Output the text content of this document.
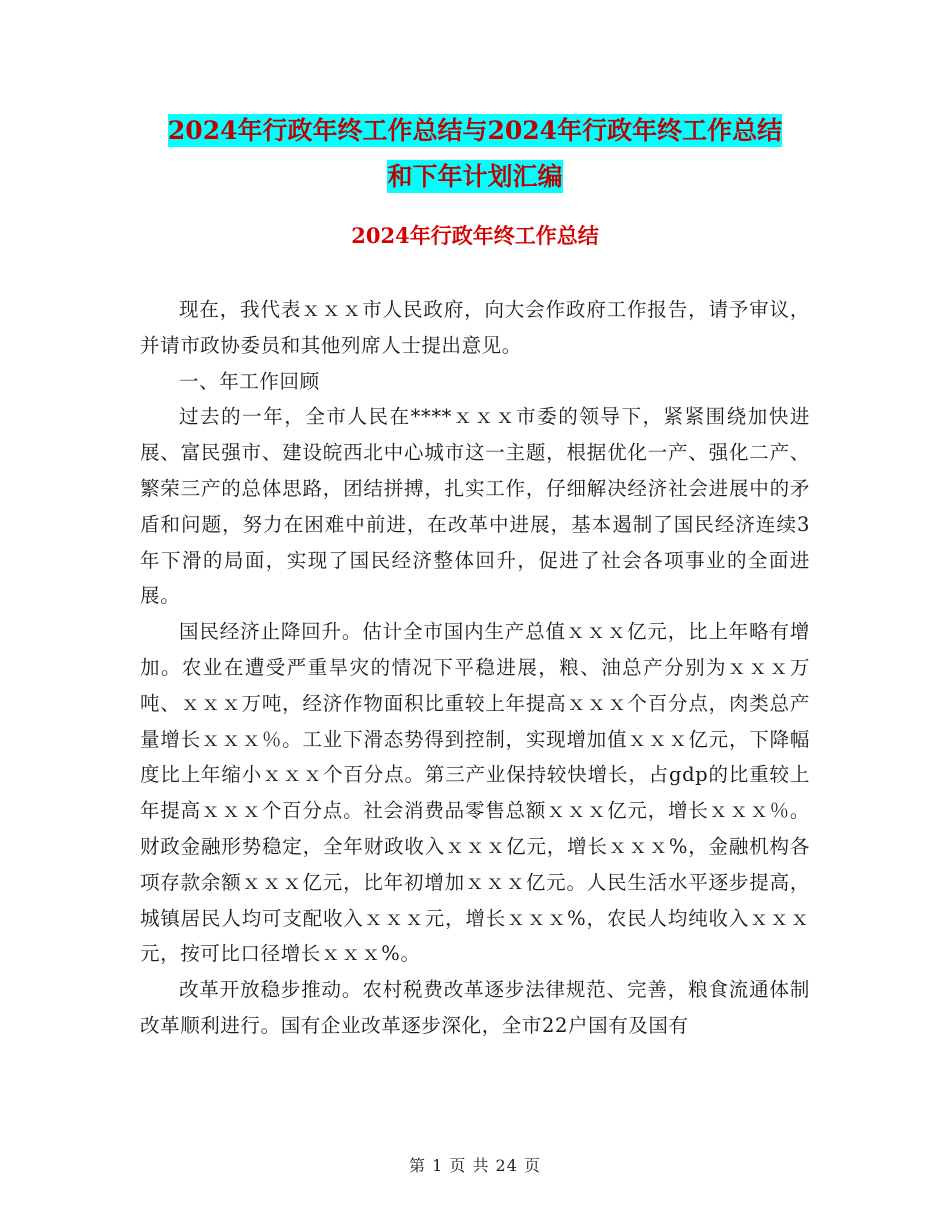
2024年行政年终工作总结与2024年行政年终工作总结
和下年计划汇编
2024年行政年终工作总结

现在，我代表ｘｘｘ市人民政府，向大会作政府工作报告，请予审议，并请市政协委员和其他列席人士提出意见。

一、年工作回顾

过去的一年，全市人民在****ｘｘｘ市委的领导下，紧紧围绕加快进展、富民强市、建设皖西北中心城市这一主题，根据优化一产、强化二产、繁荣三产的总体思路，团结拼搏，扎实工作，仔细解决经济社会进展中的矛盾和问题，努力在困难中前进，在改革中进展，基本遏制了国民经济连续3年下滑的局面，实现了国民经济整体回升，促进了社会各项事业的全面进展。

国民经济止降回升。估计全市国内生产总值ｘｘｘ亿元，比上年略有增加。农业在遭受严重旱灾的情况下平稳进展，粮、油总产分别为ｘｘｘ万吨、ｘｘｘ万吨，经济作物面积比重较上年提高ｘｘｘ个百分点，肉类总产量增长ｘｘｘ％。工业下滑态势得到控制，实现增加值ｘｘｘ亿元，下降幅度比上年缩小ｘｘｘ个百分点。第三产业保持较快增长，占gdp的比重较上年提高ｘｘｘ个百分点。社会消费品零售总额ｘｘｘ亿元，增长ｘｘｘ％。财政金融形势稳定，全年财政收入ｘｘｘ亿元，增长ｘｘｘ%，金融机构各项存款余额ｘｘｘ亿元，比年初增加ｘｘｘ亿元。人民生活水平逐步提高，城镇居民人均可支配收入ｘｘｘ元，增长ｘｘｘ%，农民人均纯收入ｘｘｘ元，按可比口径增长ｘｘｘ%。

改革开放稳步推动。农村税费改革逐步法律规范、完善，粮食流通体制改革顺利进行。国有企业改革逐步深化，全市22户国有及国有

第 1 页 共 24 页
